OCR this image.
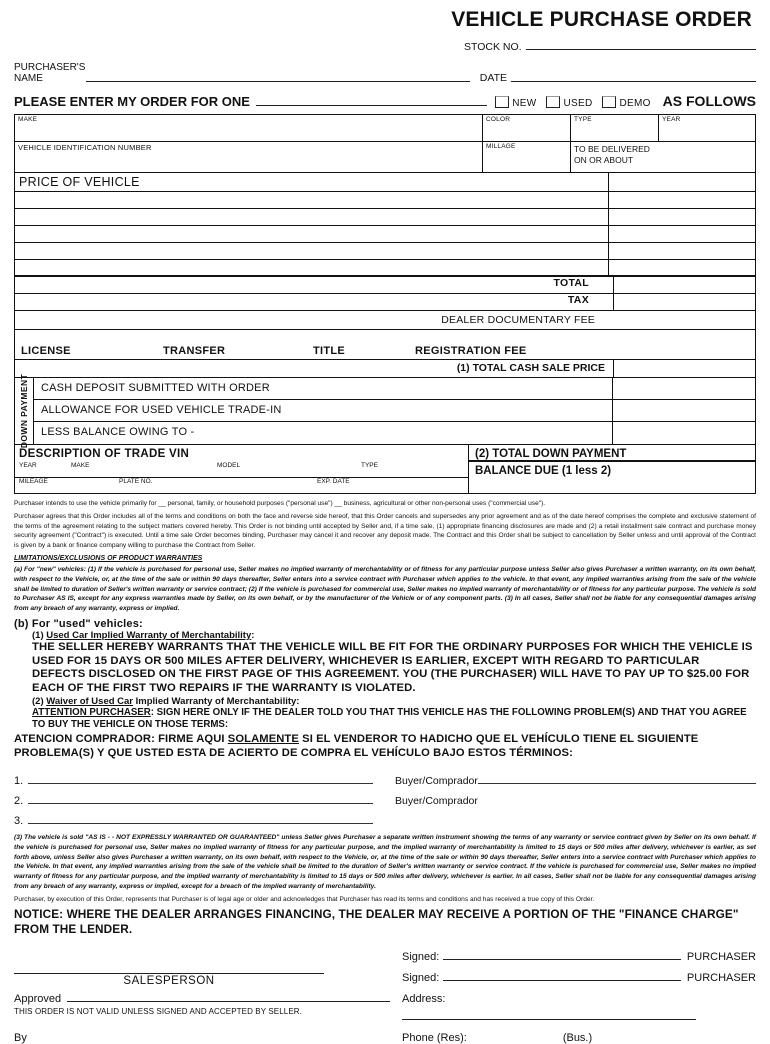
VEHICLE PURCHASE ORDER
STOCK NO.
PURCHASER'S
NAME	DATE
PLEASE ENTER MY ORDER FOR ONE	NEW	USED	DEMO AS FOLLOWS
MAKE	COLOR	TYPE	YEAR
VEHICLE IDENTIFICATION NUMBER	MILLAGE	TO BE DELIVERED
ON OR ABOUT
PRICE OF VEHICLE
TOTAL
TAX
DEALER DOCUMENTARY FEE
LICENSE	TRANSFER	TITLE	REGISTRATION FEE
(1) TOTAL CASH SALE PRICE
DOWN PAYMENT	CASH DEPOSIT SUBMITTED WITH ORDER
ALLOWANCE FOR USED VEHICLE TRADE-IN
LESS BALANCE OWING TO -
DESCRIPTION OF TRADE VIN
YEAR	MAKE	MODEL	TYPE
MILEAGE	PLATE NO.	EXP. DATE
(2) TOTAL DOWN PAYMENT
BALANCE DUE (1 less 2)

Purchaser intends to use the vehicle primarily for __ personal, family, or household purposes ("personal use") __ business, agricultural or other non-personal uses ("commercial use").

Purchaser agrees that this Order includes all of the terms and conditions on both the face and reverse side hereof, that this Order cancels and supersedes any prior agreement and as of the date hereof comprises the complete and exclusive statement of the terms of the agreement relating to the subject matters covered hereby. This Order is not binding until accepted by Seller and, if a time sale, (1) appropriate financing disclosures are made and (2) a retail installment sale contract and purchase money security agreement ("Contract") is executed. Until a time sale Order becomes binding, Purchaser may cancel it and recover any deposit made. The Contract and this Order shall be subject to cancellation by Seller unless and until approval of the Contract is given by a bank or finance company willing to purchase the Contract from Seller.

LIMITATIONS/EXCLUSIONS OF PRODUCT WARRANTIES

(a) For "new" vehicles: (1) If the vehicle is purchased for personal use, Seller makes no implied warranty of merchantability or of fitness for any particular purpose unless Seller also gives Purchaser a written warranty, on its own behalf, with respect to the Vehicle, or, at the time of the sale or within 90 days thereafter, Seller enters into a service contract with Purchaser which applies to the vehicle. In that event, any implied warranties arising from the sale of the vehicle shall be limited to duration of Seller's written warranty or service contract; (2) If the vehicle is purchased for commercial use, Seller makes no implied warranty of merchantability or of fitness for any particular purpose. The vehicle is sold to Purchaser AS IS, except for any express warranties made by Seller, on its own behalf, or by the manufacturer of the Vehicle or of any component parts. (3) In all cases, Seller shall not be liable for any consequential damages arising from any breach of any warranty, express or implied.

(b) For "used" vehicles:
(1) Used Car Implied Warranty of Merchantability:
THE SELLER HEREBY WARRANTS THAT THE VEHICLE WILL BE FIT FOR THE ORDINARY PURPOSES FOR WHICH THE VEHICLE IS USED FOR 15 DAYS OR 500 MILES AFTER DELIVERY, WHICHEVER IS EARLIER, EXCEPT WITH REGARD TO PARTICULAR DEFECTS DISCLOSED ON THE FIRST PAGE OF THIS AGREEMENT. YOU (THE PURCHASER) WILL HAVE TO PAY UP TO $25.00 FOR EACH OF THE FIRST TWO REPAIRS IF THE WARRANTY IS VIOLATED.
(2) Waiver of Used Car Implied Warranty of Merchantability:
ATTENTION PURCHASER: SIGN HERE ONLY IF THE DEALER TOLD YOU THAT THIS VEHICLE HAS THE FOLLOWING PROBLEM(S) AND THAT YOU AGREE TO BUY THE VEHICLE ON THOSE TERMS:
ATENCION COMPRADOR: FIRME AQUI SOLAMENTE SI EL VENDEROR TO HADICHO QUE EL VEHÍCULO TIENE EL SIGUIENTE PROBLEMA(S) Y QUE USTED ESTA DE ACIERTO DE COMPRA EL VEHÍCULO BAJO ESTOS TÉRMINOS:
1.	Buyer/Comprador
2.	Buyer/Comprador
3.

(3) The vehicle is sold "AS IS - - NOT EXPRESSLY WARRANTED OR GUARANTEED" unless Seller gives Purchaser a separate written instrument showing the terms of any warranty or service contract given by Seller on its own behalf. If the vehicle is purchased for personal use, Seller makes no implied warranty of fitness for any particular purpose, and the implied warranty of merchantability is limited to 15 days or 500 miles after delivery, whichever is earlier, as set forth above, unless Seller also gives Purchaser a written warranty, on its own behalf, with respect to the Vehicle, or, at the time of the sale or within 90 days thereafter, Seller enters into a service contract with Purchaser which applies to the Vehicle. In that event, any implied warranties arising from the sale of the vehicle shall be limited to the duration of Seller's written warranty or service contract. If the vehicle is purchased for commercial use, Seller makes no implied warranty of fitness for any particular purpose, and the implied warranty of merchantability is limited to 15 days or 500 miles after delivery, whichever is earlier. In all cases, Seller shall not be liable for any consequential damages arising from any breach of any warranty, express or implied, except for a breach of the implied warranty of merchantability.

Purchaser, by execution of this Order, represents that Purchaser is of legal age or older and acknowledges that Purchaser has read its terms and conditions and has received a true copy of this Order.

NOTICE: WHERE THE DEALER ARRANGES FINANCING, THE DEALER MAY RECEIVE A PORTION OF THE "FINANCE CHARGE" FROM THE LENDER.
SALESPERSON
Approved
THIS ORDER IS NOT VALID UNLESS SIGNED AND ACCEPTED BY SELLER.
By
Signed:	PURCHASER
Signed:	PURCHASER
Address:
Phone (Res):	(Bus.)
